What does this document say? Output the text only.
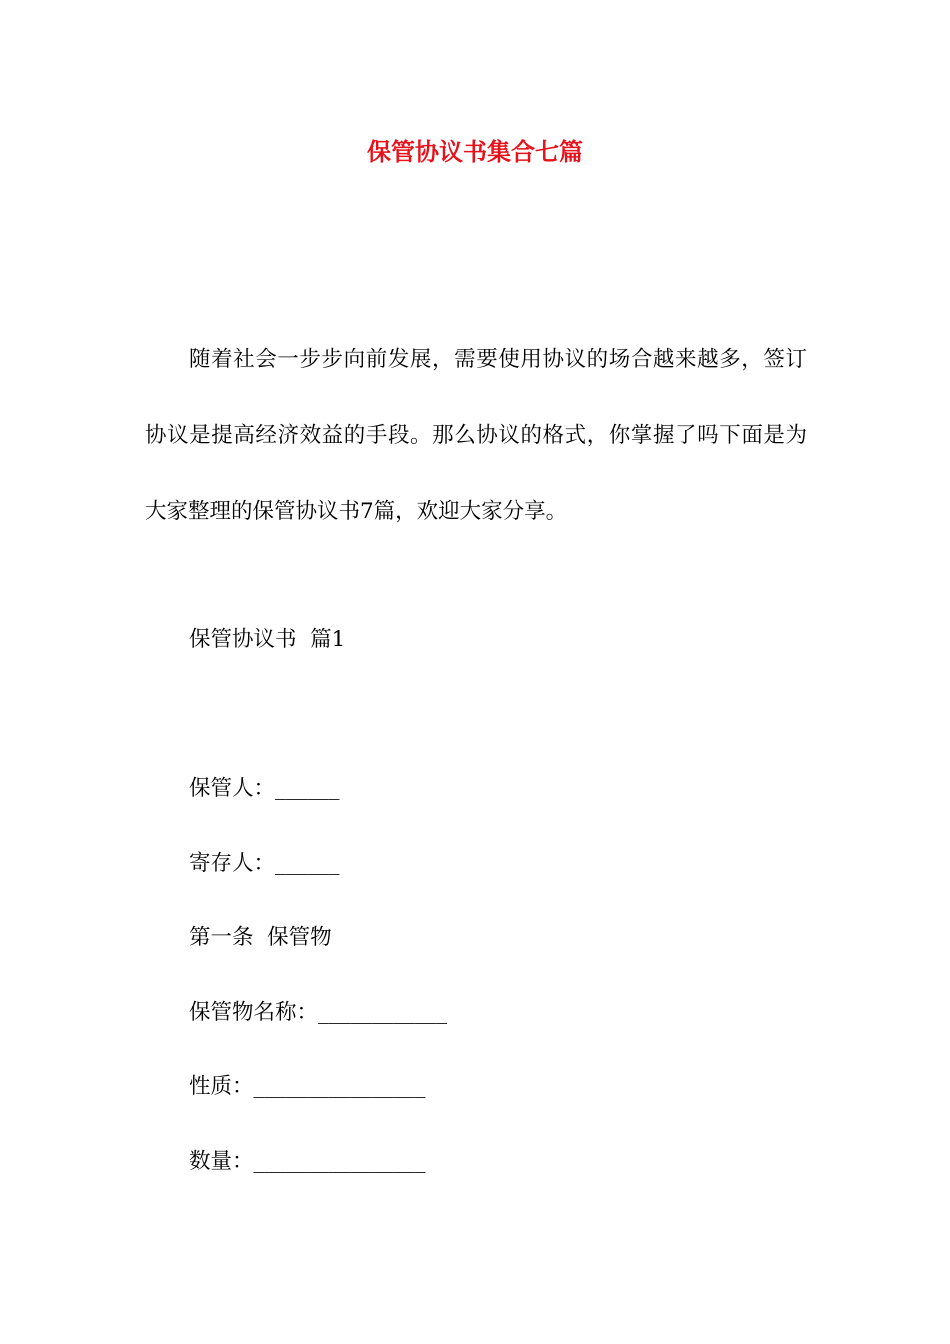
保管协议书集合七篇
随着社会一步步向前发展，需要使用协议的场合越来越多，签订协议是提高经济效益的手段。那么协议的格式，你掌握了吗下面是为大家整理的保管协议书7篇，欢迎大家分享。
保管协议书  篇1
保管人：______
寄存人：______
第一条  保管物
保管物名称：____________
性质：________________
数量：________________
